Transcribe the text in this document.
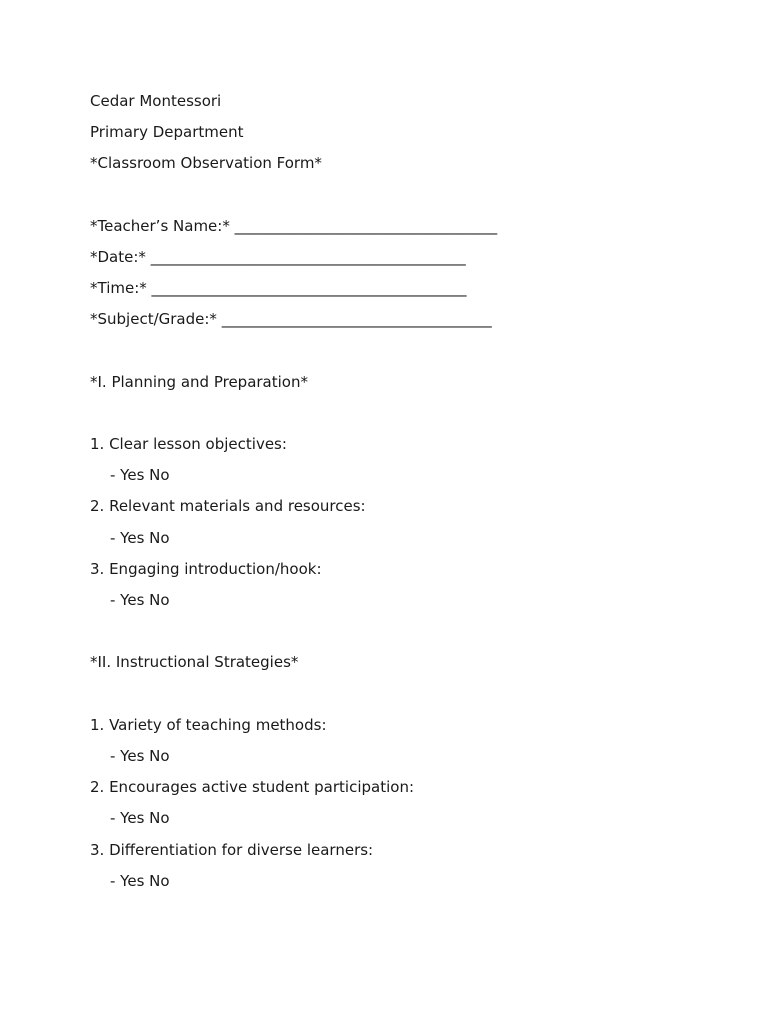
Cedar Montessori
Primary Department
*Classroom Observation Form*
*Teacher’s Name:* ___________________________________
*Date:* __________________________________________
*Time:* __________________________________________
*Subject/Grade:* ____________________________________
*I. Planning and Preparation*
1. Clear lesson objectives:
- Yes No
2. Relevant materials and resources:
- Yes No
3. Engaging introduction/hook:
- Yes No
*II. Instructional Strategies*
1. Variety of teaching methods:
- Yes No
2. Encourages active student participation:
- Yes No
3. Differentiation for diverse learners:
- Yes No
